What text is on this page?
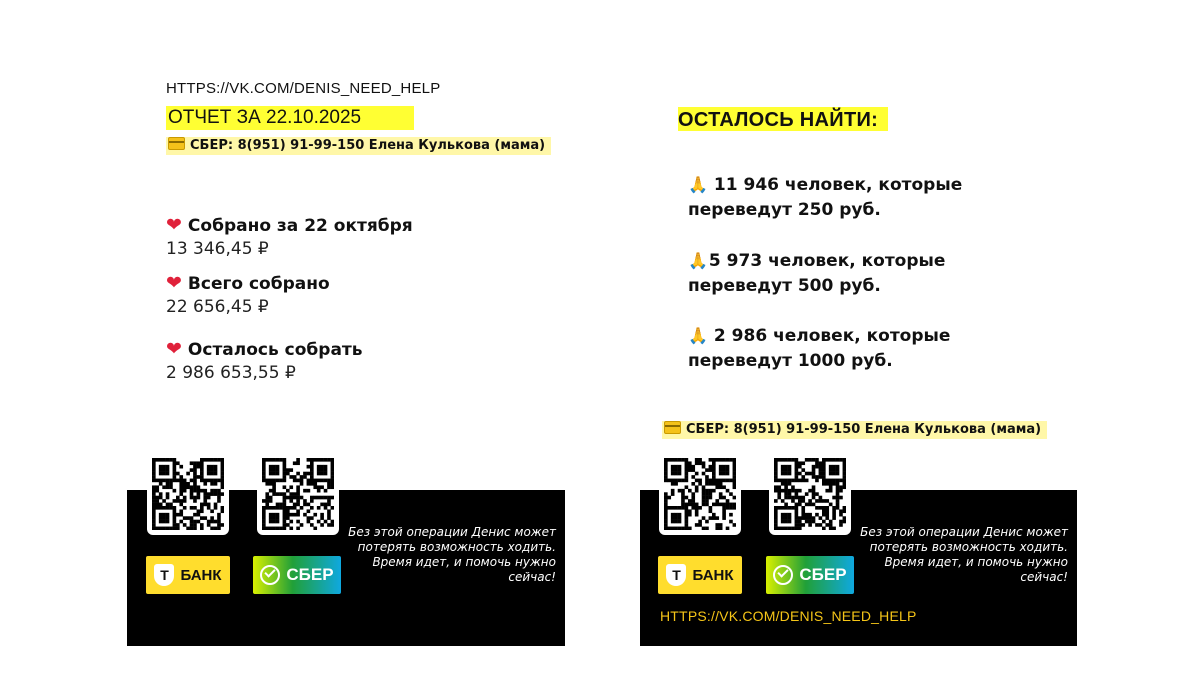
HTTPS://VK.COM/DENIS_NEED_HELP
ОТЧЕТ ЗА 22.10.2025
СБЕР: 8(951) 91-99-150 Елена Кулькова (мама)
❤ Собрано за 22 октября
13 346,45 ₽
❤ Всего собрано
22 656,45 ₽
❤ Осталось собрать
2 986 653,55 ₽
Т БАНК	СБЕР
Без этой операции Денис может потерять возможность ходить. Время идет, и помочь нужно сейчас!
ОСТАЛОСЬ НАЙТИ:
🙏 11 946 человек, которые
переведут 250 руб.
🙏5 973 человек, которые
переведут 500 руб.
🙏 2 986 человек, которые
переведут 1000 руб.
СБЕР: 8(951) 91-99-150 Елена Кулькова (мама)
Т БАНК	СБЕР
Без этой операции Денис может потерять возможность ходить. Время идет, и помочь нужно сейчас!
HTTPS://VK.COM/DENIS_NEED_HELP
